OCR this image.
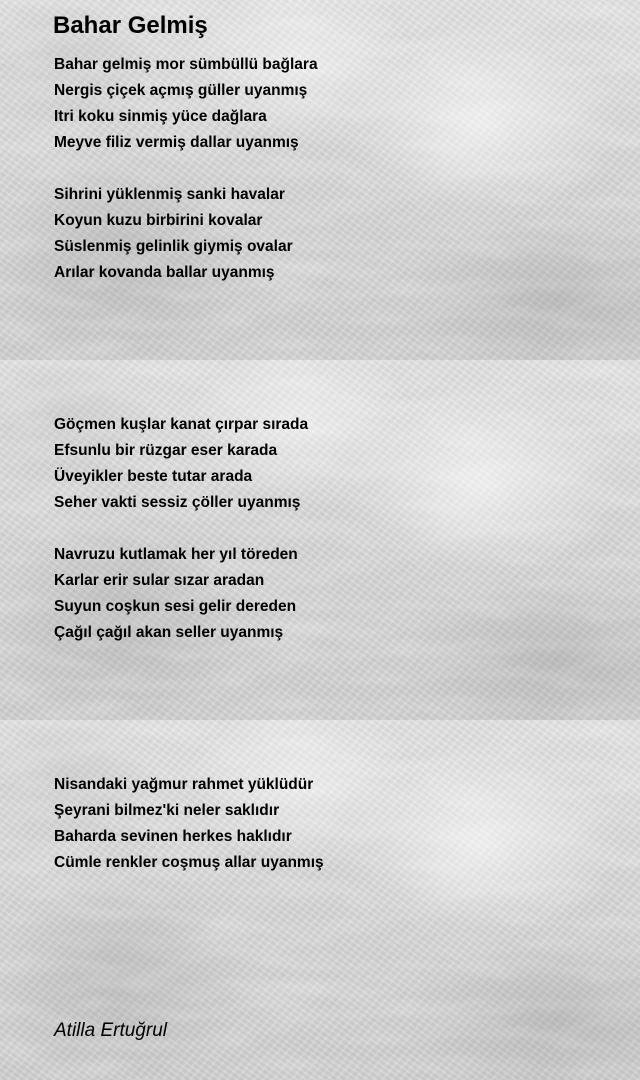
Bahar Gelmiş
Bahar gelmiş mor sümbüllü bağlara
Nergis çiçek açmış güller uyanmış
Itri koku sinmiş yüce dağlara
Meyve filiz vermiş dallar uyanmış
Sihrini yüklenmiş sanki havalar
Koyun kuzu birbirini kovalar
Süslenmiş gelinlik giymiş ovalar
Arılar kovanda ballar uyanmış
Göçmen kuşlar kanat çırpar sırada
Efsunlu bir rüzgar eser karada
Üveyikler beste tutar arada
Seher vakti sessiz çöller uyanmış
Navruzu kutlamak her yıl töreden
Karlar erir sular sızar aradan
Suyun coşkun sesi gelir dereden
Çağıl çağıl akan seller uyanmış
Nisandaki yağmur rahmet yüklüdür
Şeyrani bilmez'ki neler saklıdır
Baharda sevinen herkes haklıdır
Cümle renkler coşmuş allar uyanmış
Atilla Ertuğrul
